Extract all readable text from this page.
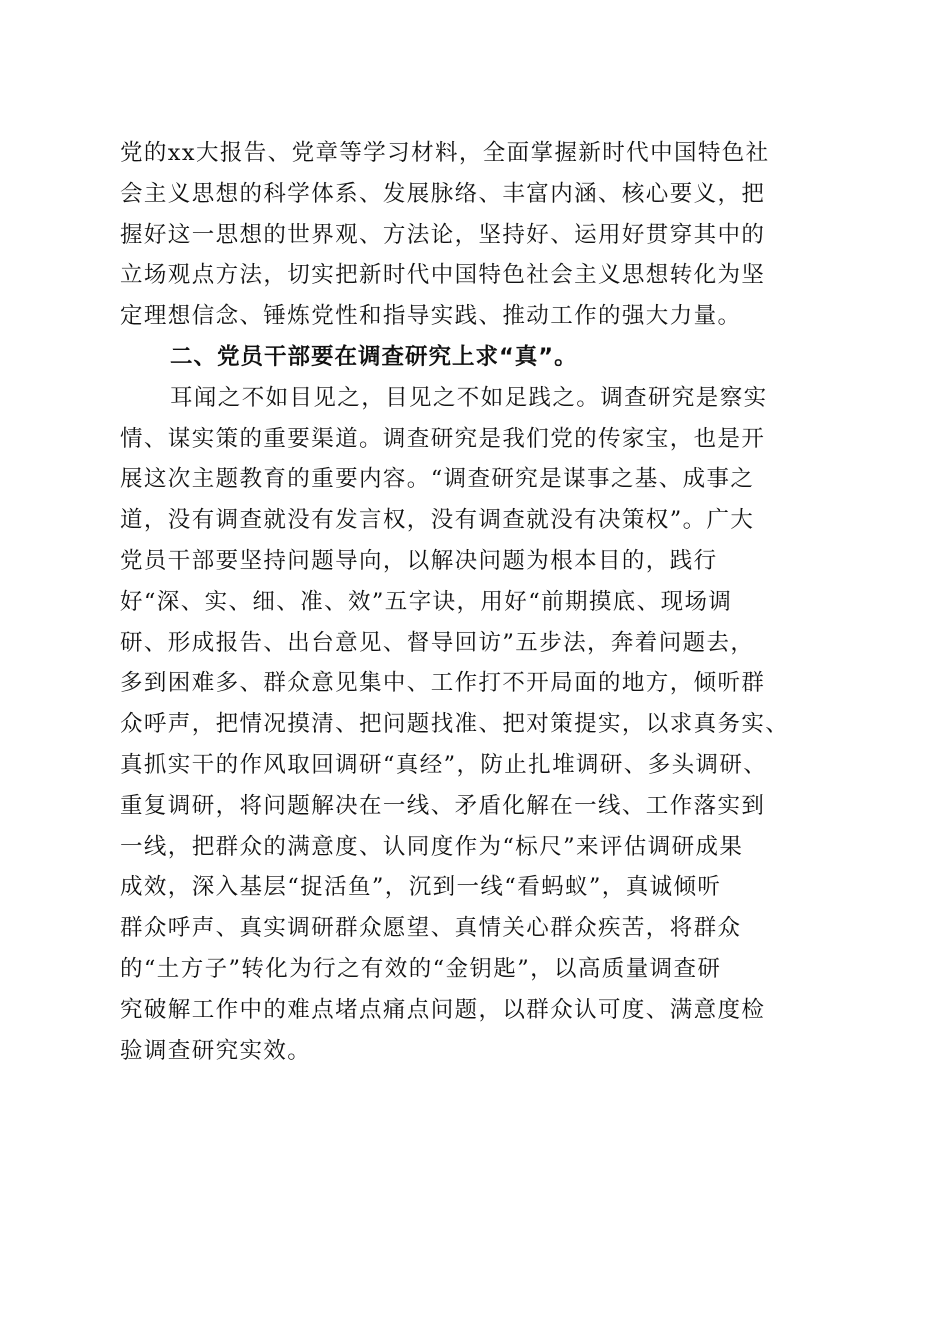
党的xx大报告、党章等学习材料，全面掌握新时代中国特色社
会主义思想的科学体系、发展脉络、丰富内涵、核心要义，把
握好这一思想的世界观、方法论，坚持好、运用好贯穿其中的
立场观点方法，切实把新时代中国特色社会主义思想转化为坚
定理想信念、锤炼党性和指导实践、推动工作的强大力量。
二、党员干部要在调查研究上求“真”。
耳闻之不如目见之，目见之不如足践之。调查研究是察实
情、谋实策的重要渠道。调查研究是我们党的传家宝，也是开
展这次主题教育的重要内容。“调查研究是谋事之基、成事之
道，没有调查就没有发言权，没有调查就没有决策权”。广大
党员干部要坚持问题导向，以解决问题为根本目的，践行
好“深、实、细、准、效”五字诀，用好“前期摸底、现场调
研、形成报告、出台意见、督导回访”五步法，奔着问题去，
多到困难多、群众意见集中、工作打不开局面的地方，倾听群
众呼声，把情况摸清、把问题找准、把对策提实，以求真务实、
真抓实干的作风取回调研“真经”，防止扎堆调研、多头调研、
重复调研，将问题解决在一线、矛盾化解在一线、工作落实到
一线，把群众的满意度、认同度作为“标尺”来评估调研成果
成效，深入基层“捉活鱼”，沉到一线“看蚂蚁”，真诚倾听
群众呼声、真实调研群众愿望、真情关心群众疾苦，将群众
的“土方子”转化为行之有效的“金钥匙”，以高质量调查研
究破解工作中的难点堵点痛点问题，以群众认可度、满意度检
验调查研究实效。
